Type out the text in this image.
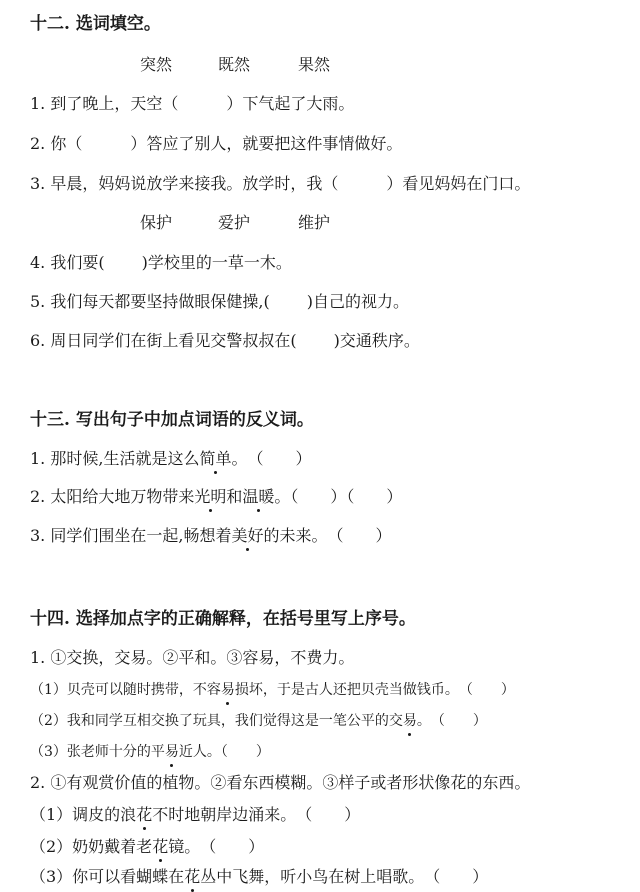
十二. 选词填空。
突然	既然	果然
1. 到了晚上，天空（　　　）下气起了大雨。
2. 你（　　　）答应了别人，就要把这件事情做好。
3. 早晨，妈妈说放学来接我。放学时，我（　　　）看见妈妈在门口。
保护	爱护	维护
4. 我们要(　　 )学校里的一草一木。
5. 我们每天都要坚持做眼保健操,(　　 )自己的视力。
6. 周日同学们在街上看见交警叔叔在(　　 )交通秩序。
十三. 写出句子中加点词语的反义词。
1. 那时候,生活就是这么简单。　（　　）
2. 太阳给大地万物带来光明和温暖。（　　）（　　）
3. 同学们围坐在一起,畅想着美好的未来。　（　　）
十四. 选择加点字的正确解释，在括号里写上序号。
1. ①交换，交易。②平和。③容易，不费力。
（1）贝壳可以随时携带，不容易损坏，于是古人还把贝壳当做钱币。　（　　）
（2）我和同学互相交换了玩具，我们觉得这是一笔公平的交易。　（　　）
（3）张老师十分的平易近人。（　　）
2. ①有观赏价值的植物。②看东西模糊。③样子或者形状像花的东西。
（1）调皮的浪花不时地朝岸边涌来。　（　　）
（2）奶奶戴着老花镜。　（　　）
（3）你可以看蝴蝶在花丛中飞舞，听小鸟在树上唱歌。　（　　）
